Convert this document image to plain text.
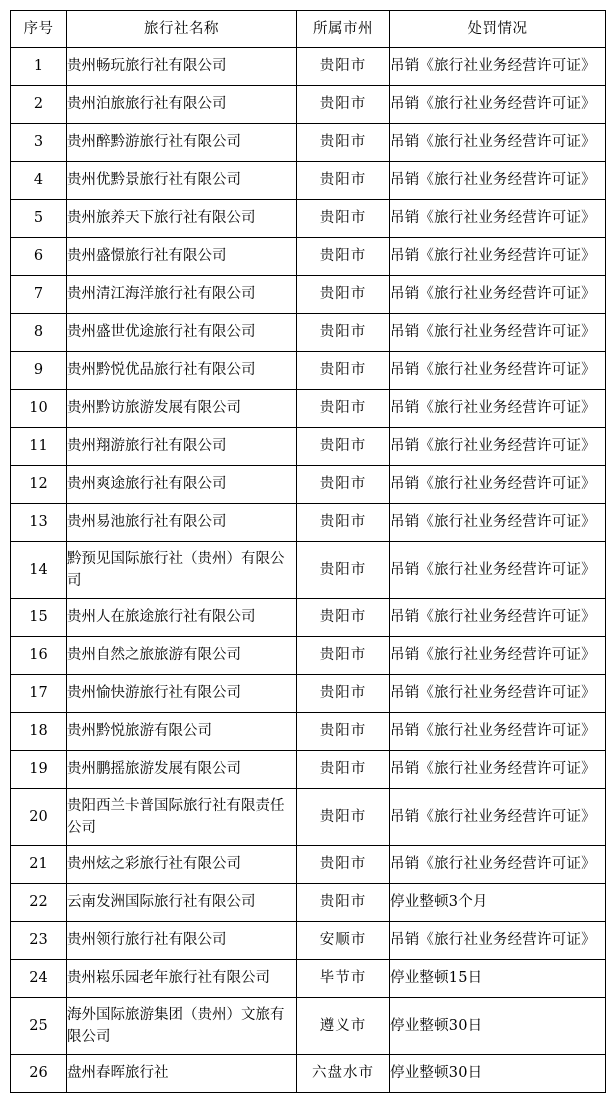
序号	旅行社名称	所属市州	处罚情况
1	贵州畅玩旅行社有限公司	贵阳市	吊销《旅行社业务经营许可证》
2	贵州泊旅旅行社有限公司	贵阳市	吊销《旅行社业务经营许可证》
3	贵州醉黔游旅行社有限公司	贵阳市	吊销《旅行社业务经营许可证》
4	贵州优黔景旅行社有限公司	贵阳市	吊销《旅行社业务经营许可证》
5	贵州旅养天下旅行社有限公司	贵阳市	吊销《旅行社业务经营许可证》
6	贵州盛憬旅行社有限公司	贵阳市	吊销《旅行社业务经营许可证》
7	贵州清江海洋旅行社有限公司	贵阳市	吊销《旅行社业务经营许可证》
8	贵州盛世优途旅行社有限公司	贵阳市	吊销《旅行社业务经营许可证》
9	贵州黔悦优品旅行社有限公司	贵阳市	吊销《旅行社业务经营许可证》
10	贵州黔访旅游发展有限公司	贵阳市	吊销《旅行社业务经营许可证》
11	贵州翔游旅行社有限公司	贵阳市	吊销《旅行社业务经营许可证》
12	贵州爽途旅行社有限公司	贵阳市	吊销《旅行社业务经营许可证》
13	贵州易池旅行社有限公司	贵阳市	吊销《旅行社业务经营许可证》
14	黔预见国际旅行社（贵州）有限公司	贵阳市	吊销《旅行社业务经营许可证》
15	贵州人在旅途旅行社有限公司	贵阳市	吊销《旅行社业务经营许可证》
16	贵州自然之旅旅游有限公司	贵阳市	吊销《旅行社业务经营许可证》
17	贵州愉快游旅行社有限公司	贵阳市	吊销《旅行社业务经营许可证》
18	贵州黔悦旅游有限公司	贵阳市	吊销《旅行社业务经营许可证》
19	贵州鹏摇旅游发展有限公司	贵阳市	吊销《旅行社业务经营许可证》
20	贵阳西兰卡普国际旅行社有限责任公司	贵阳市	吊销《旅行社业务经营许可证》
21	贵州炫之彩旅行社有限公司	贵阳市	吊销《旅行社业务经营许可证》
22	云南发洲国际旅行社有限公司	贵阳市	停业整顿3个月
23	贵州领行旅行社有限公司	安顺市	吊销《旅行社业务经营许可证》
24	贵州崧乐园老年旅行社有限公司	毕节市	停业整顿15日
25	海外国际旅游集团（贵州）文旅有限公司	遵义市	停业整顿30日
26	盘州春晖旅行社	六盘水市	停业整顿30日
